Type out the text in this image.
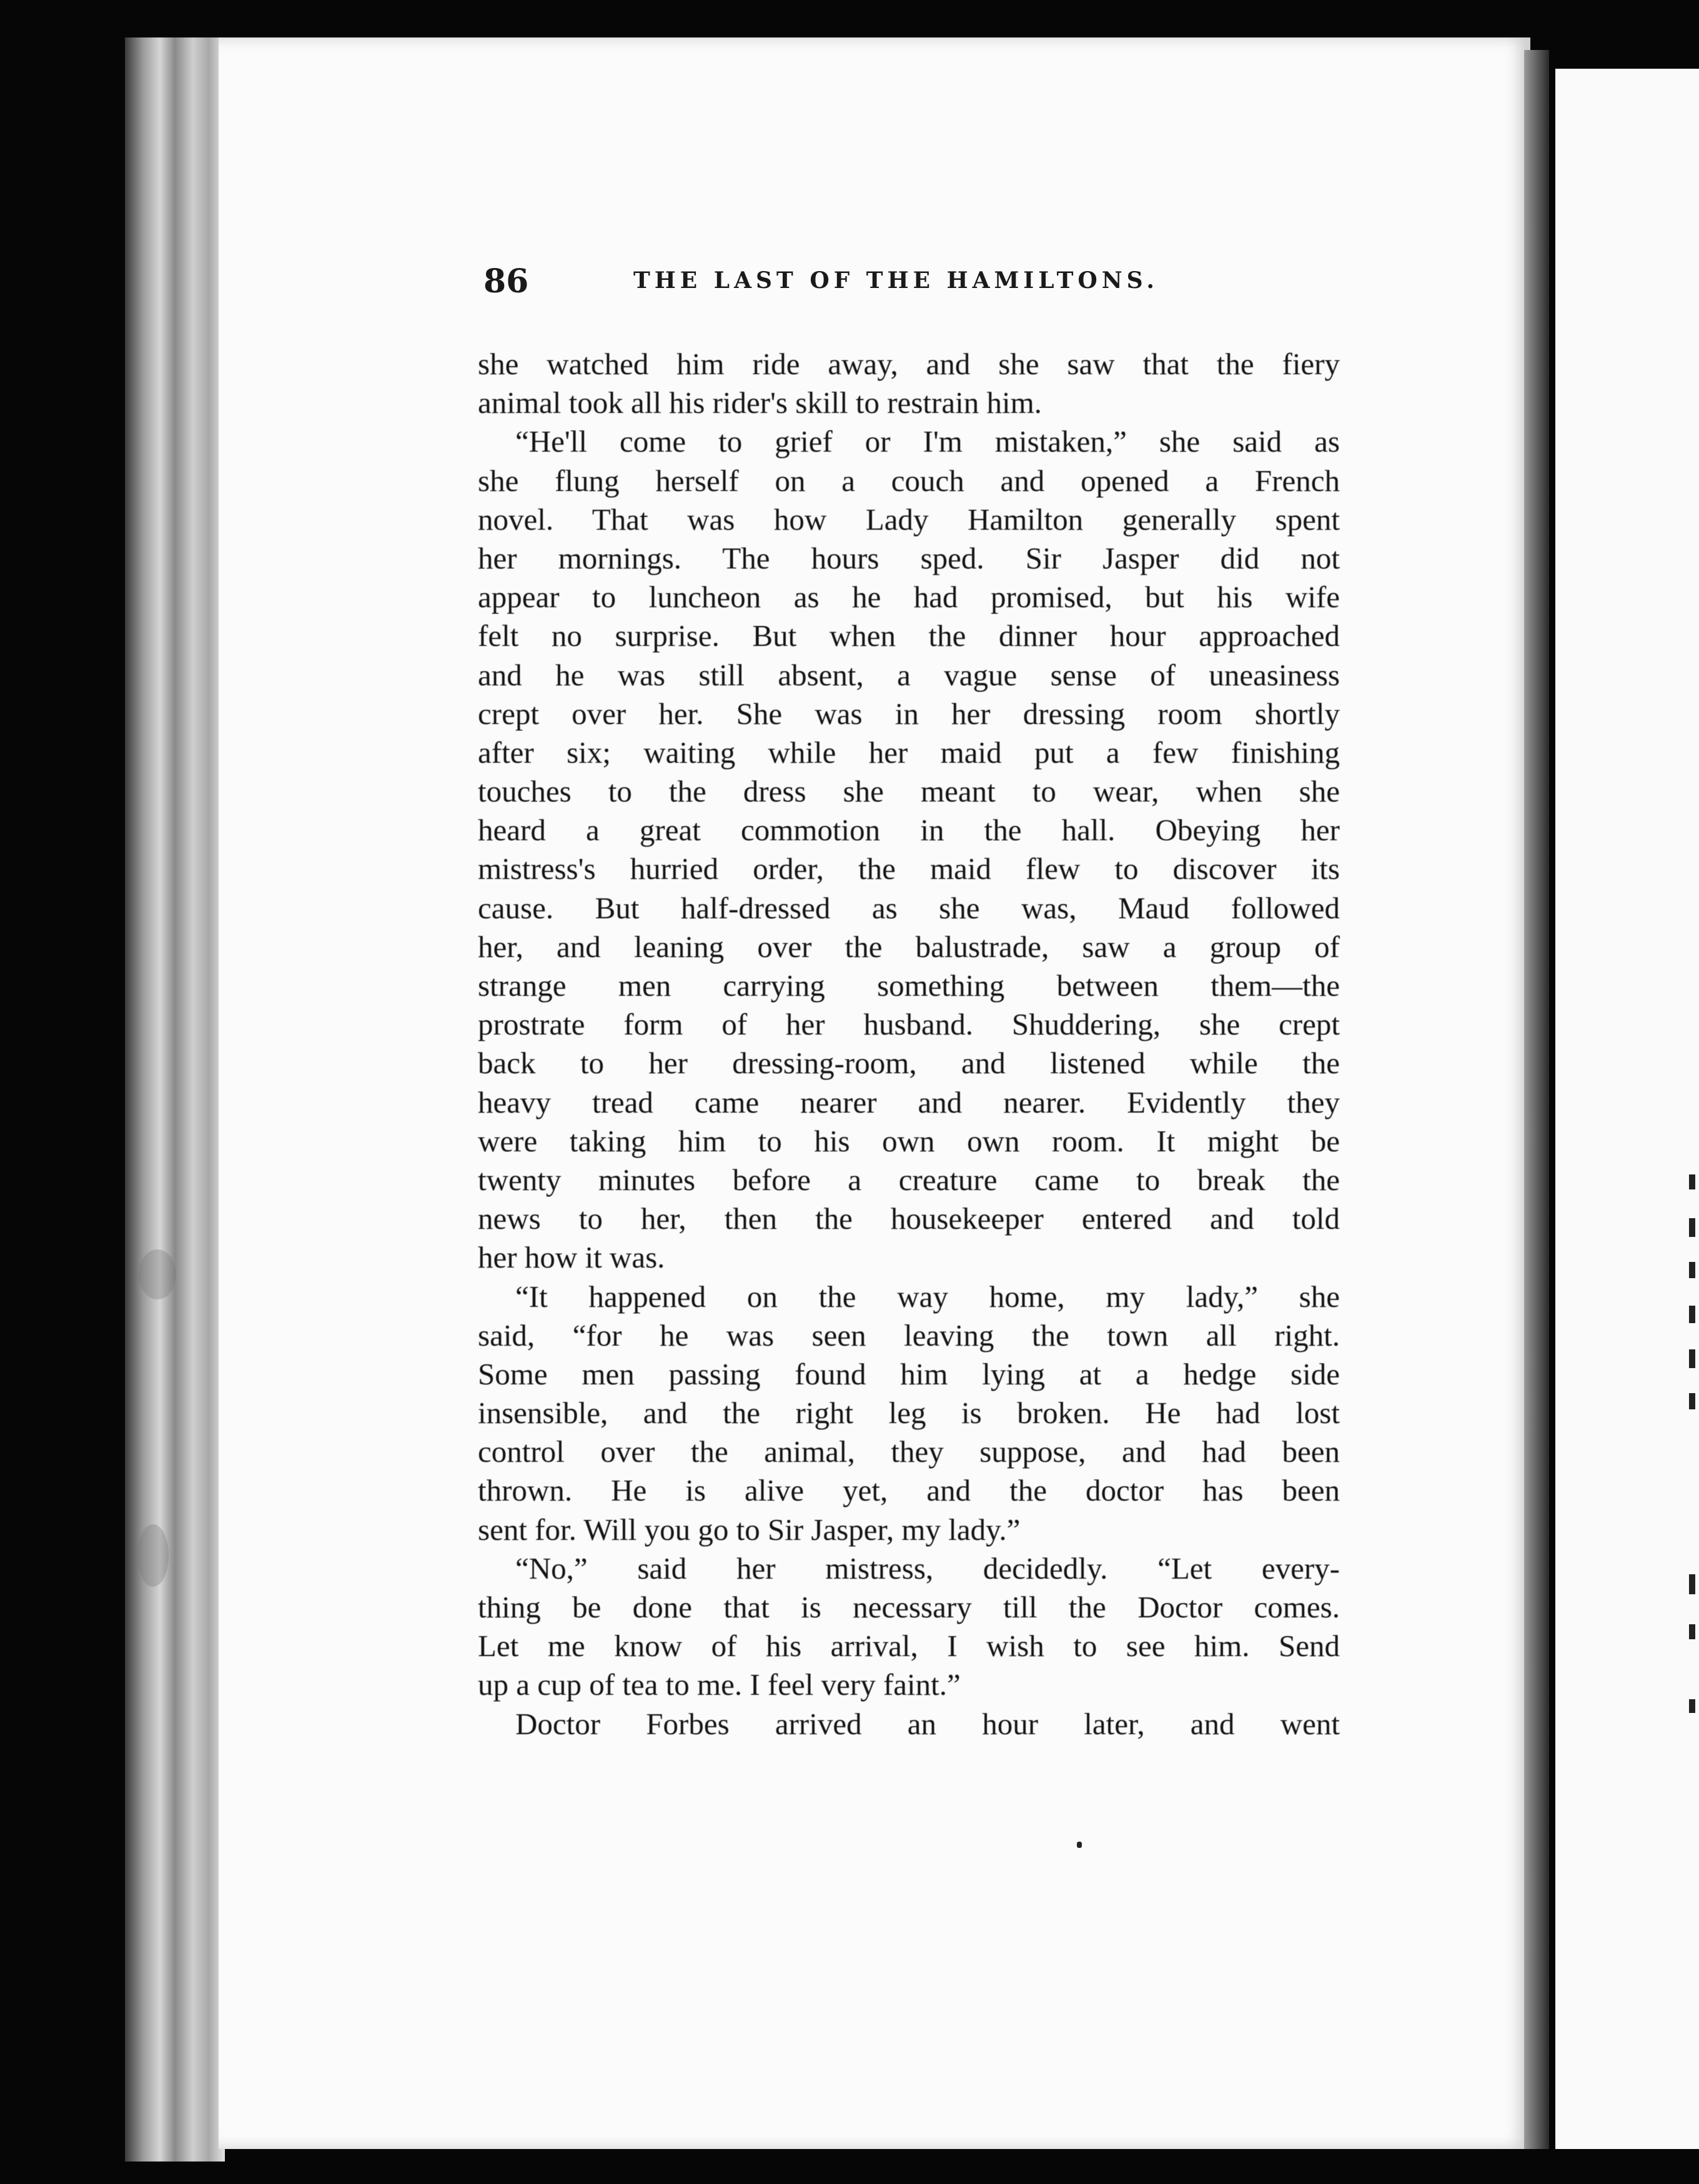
86	THE LAST OF THE HAMILTONS.
she watched him ride away, and she saw that the fiery
animal took all his rider's skill to restrain him.
“He'll come to grief or I'm mistaken,” she said as
she flung herself on a couch and opened a French
novel. That was how Lady Hamilton generally spent
her mornings. The hours sped. Sir Jasper did not
appear to luncheon as he had promised, but his wife
felt no surprise. But when the dinner hour approached
and he was still absent, a vague sense of uneasiness
crept over her. She was in her dressing room shortly
after six; waiting while her maid put a few finishing
touches to the dress she meant to wear, when she
heard a great commotion in the hall. Obeying her
mistress's hurried order, the maid flew to discover its
cause. But half-dressed as she was, Maud followed
her, and leaning over the balustrade, saw a group of
strange men carrying something between them—the
prostrate form of her husband. Shuddering, she crept
back to her dressing-room, and listened while the
heavy tread came nearer and nearer. Evidently they
were taking him to his own own room. It might be
twenty minutes before a creature came to break the
news to her, then the housekeeper entered and told
her how it was.
“It happened on the way home, my lady,” she
said, “for he was seen leaving the town all right.
Some men passing found him lying at a hedge side
insensible, and the right leg is broken. He had lost
control over the animal, they suppose, and had been
thrown. He is alive yet, and the doctor has been
sent for. Will you go to Sir Jasper, my lady.”
“No,” said her mistress, decidedly. “Let every-
thing be done that is necessary till the Doctor comes.
Let me know of his arrival, I wish to see him. Send
up a cup of tea to me. I feel very faint.”
Doctor Forbes arrived an hour later, and went
